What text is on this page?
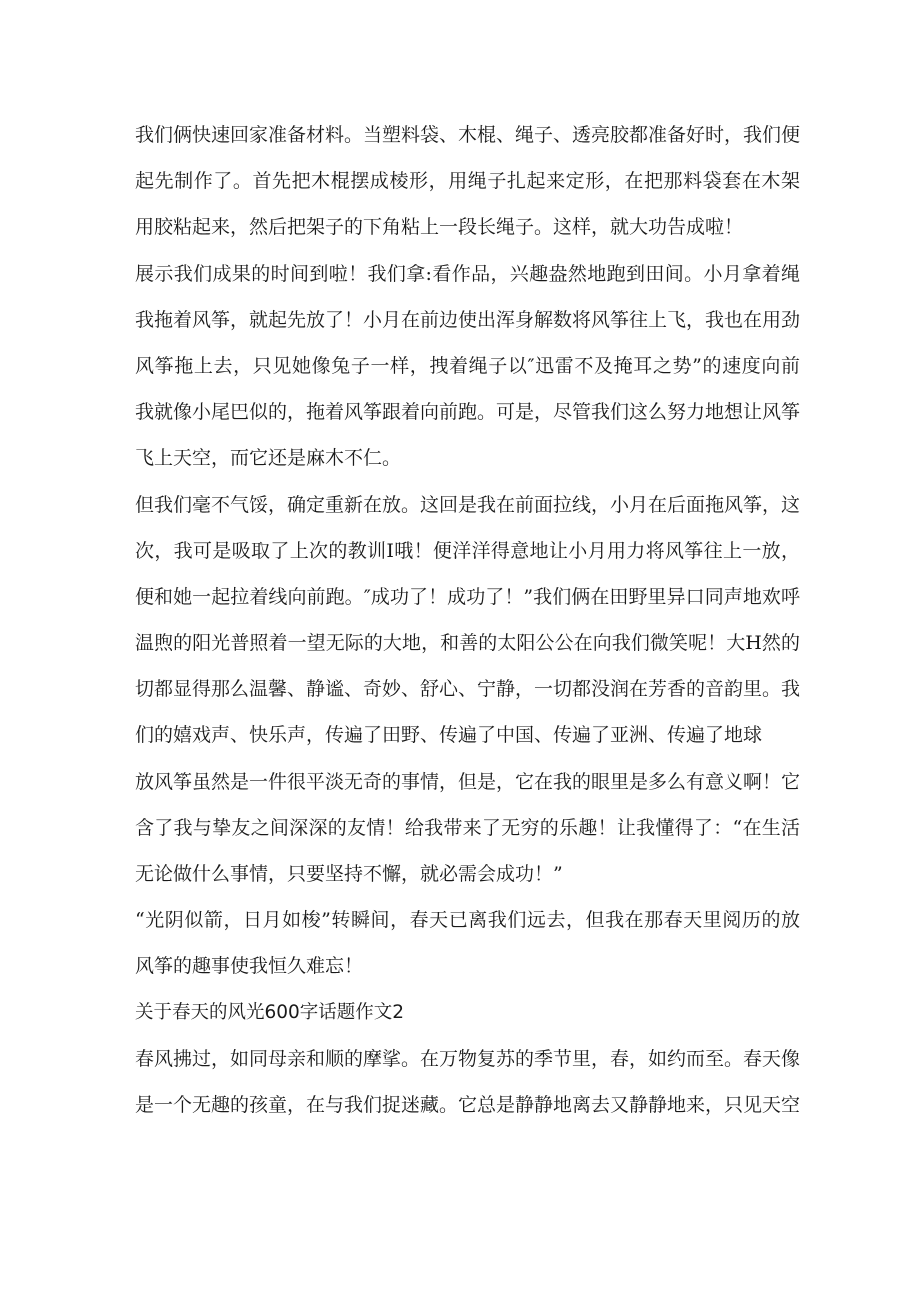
我们俩快速回家准备材料。当塑料袋、木棍、绳子、透亮胶都准备好时，我们便
起先制作了。首先把木棍摆成棱形，用绳子扎起来定形，在把那料袋套在木架
用胶粘起来，然后把架子的下角粘上一段长绳子。这样，就大功告成啦！
展示我们成果的时间到啦！我们拿:看作品，兴趣盎然地跑到田间。小月拿着绳
我拖着风筝，就起先放了！小月在前边使出浑身解数将风筝往上飞，我也在用劲
风筝拖上去，只见她像兔子一样，拽着绳子以″迅雷不及掩耳之势”的速度向前
我就像小尾巴似的，拖着风筝跟着向前跑。可是，尽管我们这么努力地想让风筝
飞上天空，而它还是麻木不仁。
但我们毫不气馁，确定重新在放。这回是我在前面拉线，小月在后面拖风筝，这
次，我可是吸取了上次的教训I哦！便洋洋得意地让小月用力将风筝往上一放，
便和她一起拉着线向前跑。″成功了！成功了！”我们俩在田野里异口同声地欢呼
温煦的阳光普照着一望无际的大地，和善的太阳公公在向我们微笑呢！大H然的
切都显得那么温馨、静谧、奇妙、舒心、宁静，一切都没润在芳香的音韵里。我
们的嬉戏声、快乐声，传遍了田野、传遍了中国、传遍了亚洲、传遍了地球
放风筝虽然是一件很平淡无奇的事情，但是，它在我的眼里是多么有意义啊！它
含了我与挚友之间深深的友情！给我带来了无穷的乐趣！让我懂得了：“在生活
无论做什么事情，只要坚持不懈，就必需会成功！”
“光阴似箭，日月如梭”转瞬间，春天已离我们远去，但我在那春天里阅历的放
风筝的趣事使我恒久难忘！
关于春天的风光600字话题作文2
春风拂过，如同母亲和顺的摩挲。在万物复苏的季节里，春，如约而至。春天像
是一个无趣的孩童，在与我们捉迷藏。它总是静静地离去又静静地来，只见天空
